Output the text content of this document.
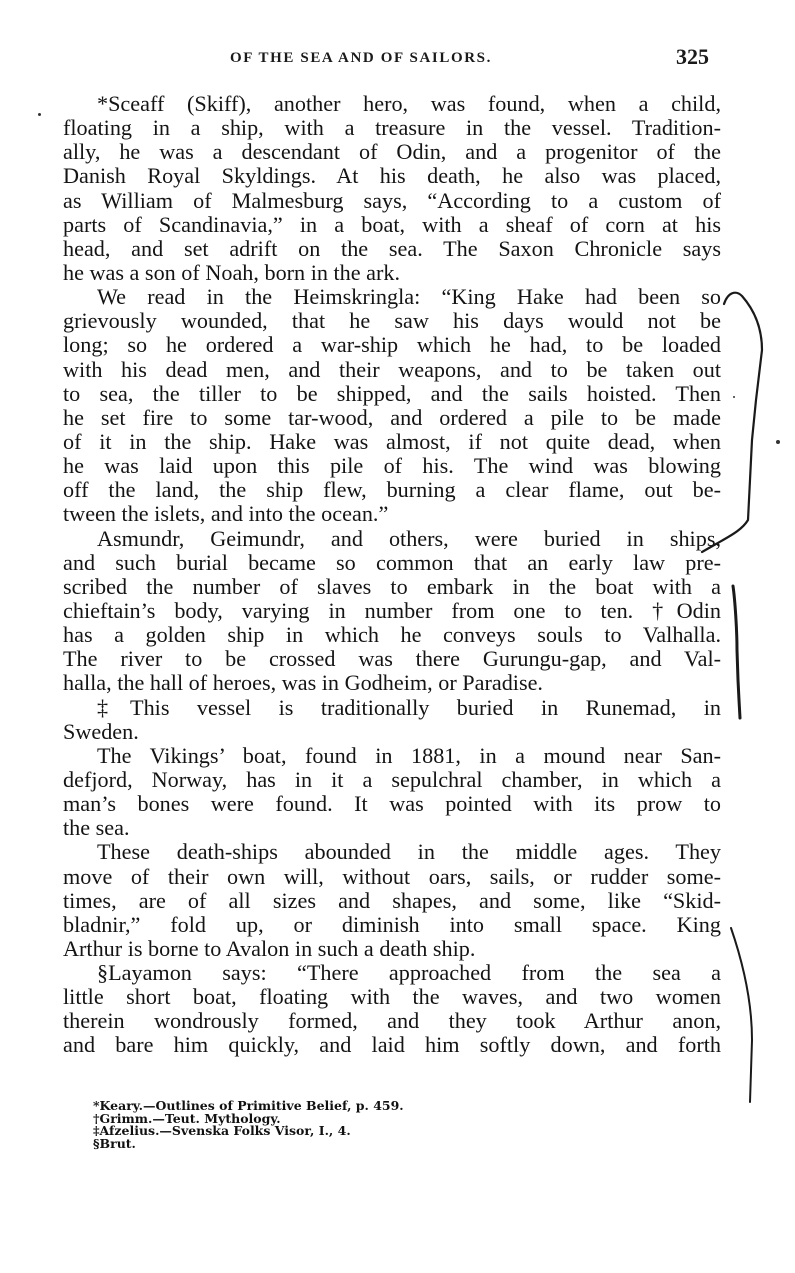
OF THE SEA AND OF SAILORS.	325
*Sceaff (Skiff), another hero, was found, when a child,
floating in a ship, with a treasure in the vessel. Tradition-
ally, he was a descendant of Odin, and a progenitor of the
Danish Royal Skyldings. At his death, he also was placed,
as William of Malmesburg says, “According to a custom of
parts of Scandinavia,” in a boat, with a sheaf of corn at his
head, and set adrift on the sea. The Saxon Chronicle says
he was a son of Noah, born in the ark.
We read in the Heimskringla: “King Hake had been so
grievously wounded, that he saw his days would not be
long; so he ordered a war-ship which he had, to be loaded
with his dead men, and their weapons, and to be taken out
to sea, the tiller to be shipped, and the sails hoisted. Then
he set fire to some tar-wood, and ordered a pile to be made
of it in the ship. Hake was almost, if not quite dead, when
he was laid upon this pile of his. The wind was blowing
off the land, the ship flew, burning a clear flame, out be-
tween the islets, and into the ocean.”
Asmundr, Geimundr, and others, were buried in ships,
and such burial became so common that an early law pre-
scribed the number of slaves to embark in the boat with a
chieftain’s body, varying in number from one to ten. †Odin
has a golden ship in which he conveys souls to Valhalla.
The river to be crossed was there Gurungu-gap, and Val-
halla, the hall of heroes, was in Godheim, or Paradise.
‡This vessel is traditionally buried in Runemad, in
Sweden.
The Vikings’ boat, found in 1881, in a mound near San-
defjord, Norway, has in it a sepulchral chamber, in which a
man’s bones were found. It was pointed with its prow to
the sea.
These death-ships abounded in the middle ages. They
move of their own will, without oars, sails, or rudder some-
times, are of all sizes and shapes, and some, like “Skid-
bladnir,” fold up, or diminish into small space. King
Arthur is borne to Avalon in such a death ship.
§Layamon says: “There approached from the sea a
little short boat, floating with the waves, and two women
therein wondrously formed, and they took Arthur anon,
and bare him quickly, and laid him softly down, and forth
*Keary.—Outlines of Primitive Belief, p. 459.
†Grimm.—Teut. Mythology.
‡Afzelius.—Svenska Folks Visor, I., 4.
§Brut.
